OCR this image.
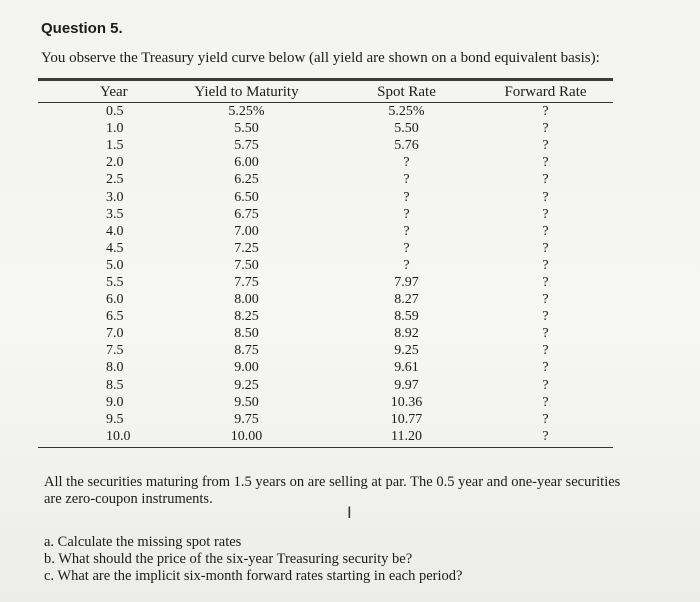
Question 5.
You observe the Treasury yield curve below (all yield are shown on a bond equivalent basis):
Year	Yield to Maturity	Spot Rate	Forward Rate
0.5	5.25%	5.25%	?
1.0	5.50	5.50	?
1.5	5.75	5.76	?
2.0	6.00	?	?
2.5	6.25	?	?
3.0	6.50	?	?
3.5	6.75	?	?
4.0	7.00	?	?
4.5	7.25	?	?
5.0	7.50	?	?
5.5	7.75	7.97	?
6.0	8.00	8.27	?
6.5	8.25	8.59	?
7.0	8.50	8.92	?
7.5	8.75	9.25	?
8.0	9.00	9.61	?
8.5	9.25	9.97	?
9.0	9.50	10.36	?
9.5	9.75	10.77	?
10.0	10.00	11.20	?
All the securities maturing from 1.5 years on are selling at par. The 0.5 year and one-year securities are zero-coupon instruments.
I
a. Calculate the missing spot rates
b. What should the price of the six-year Treasuring security be?
c. What are the implicit six-month forward rates starting in each period?
